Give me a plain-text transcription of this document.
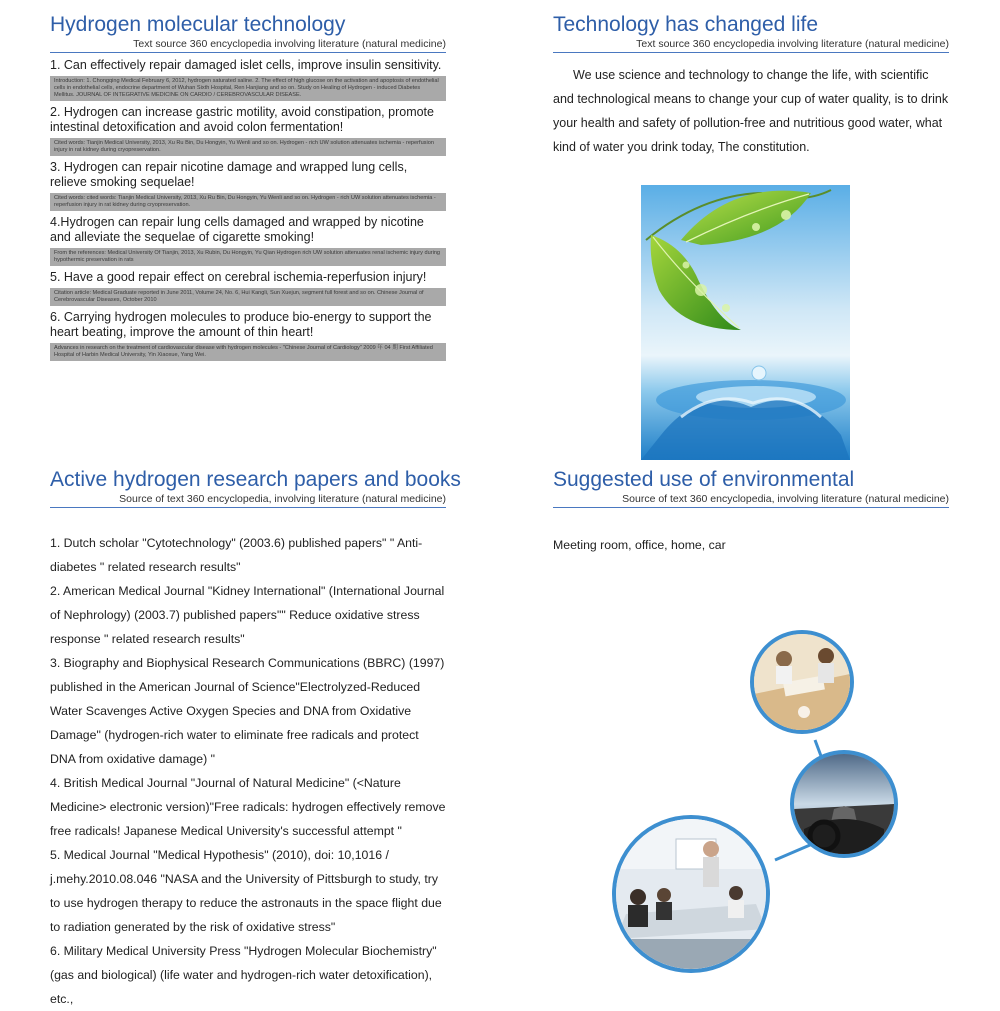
Hydrogen molecular technology
Text source 360 encyclopedia involving literature (natural medicine)
1. Can effectively repair damaged islet cells, improve insulin sensitivity.
Introduction: 1. Chongqing Medical February 6, 2012, hydrogen saturated saline. 2. The effect of high glucose on the activation and apoptosis of endothelial cells in endothelial cells, endocrine department of Wuhan Sixth Hospital, Ren Hanjiang and so on. Study on Healing of Hydrogen - induced Diabetes Mellitus. JOURNAL OF INTEGRATIVE MEDICINE ON CARDIO / CEREBROVASCULAR DISEASE.
2. Hydrogen can increase gastric motility, avoid constipation, promote intestinal detoxification and avoid colon fermentation!
Cited words: Tianjin Medical University, 2013, Xu Ru Bin, Du Hongyin, Yu Wenli and so on. Hydrogen - rich UW solution attenuates ischemia - reperfusion injury in rat kidney during cryopreservation.
3. Hydrogen can repair nicotine damage and wrapped lung cells, relieve smoking sequelae!
Cited words: cited words: Tianjin Medical University, 2013, Xu Ru Bin, Du Hongyin, Yu Wenli and so on. Hydrogen - rich UW solution attenuates ischemia - reperfusion injury in rat kidney during cryopreservation.
4.Hydrogen can repair lung cells damaged and wrapped by nicotine and alleviate the sequelae of cigarette smoking!
From the references: Medical University Of Tianjin, 2013, Xu Rubin, Du Hongyin, Yu Qian Hydrogen rich UW solution attenuates renal ischemic injury during hypothermic preservation in rats
5. Have a good repair effect on cerebral ischemia-reperfusion injury!
Citation article: Medical Graduate reported in June 2011, Volume 24, No. 6, Hui Kangli, Sun Xuejun, segment full forest and so on. Chinese Journal of Cerebrovascular Diseases, October 2010
6. Carrying hydrogen molecules to produce bio-energy to support the heart beating, improve the amount of thin heart!
Advances in research on the treatment of cardiovascular disease with hydrogen molecules - "Chinese Journal of Cardiology" 2009 年 04 期 First Affiliated Hospital of Harbin Medical University, Yin Xiaoxue, Yang Wei.
Active hydrogen research papers and books
Source of text 360 encyclopedia, involving literature (natural medicine)
1. Dutch scholar "Cytotechnology" (2003.6) published papers" " Anti-diabetes " related research results"
2. American Medical Journal "Kidney International" (International Journal of Nephrology) (2003.7) published papers"" Reduce oxidative stress response " related research results"
3. Biography and Biophysical Research Communications (BBRC) (1997) published in the American Journal of Science"Electrolyzed-Reduced Water Scavenges Active Oxygen Species and DNA from Oxidative Damage" (hydrogen-rich water to eliminate free radicals and protect DNA from oxidative damage) "
4. British Medical Journal "Journal of Natural Medicine" (<Nature Medicine> electronic version)"Free radicals: hydrogen effectively remove free radicals! Japanese Medical University's successful attempt "
5. Medical Journal "Medical Hypothesis" (2010), doi: 10,1016 / j.mehy.2010.08.046 "NASA and the University of Pittsburgh to study, try to use hydrogen therapy to reduce the astronauts in the space flight due to radiation generated by the risk of oxidative stress"
6. Military Medical University Press "Hydrogen Molecular Biochemistry" (gas and biological) (life water and hydrogen-rich water detoxification), etc.,
Technology has changed life
Text source 360 encyclopedia involving literature (natural medicine)
We use science and technology to change the life, with scientific and technological means to change your cup of water quality, is to drink your health and safety of pollution-free and nutritious good water, what kind of water you drink today, The constitution.
Suggested use of environmental
Source of text 360 encyclopedia, involving literature (natural medicine)
Meeting room, office, home, car
